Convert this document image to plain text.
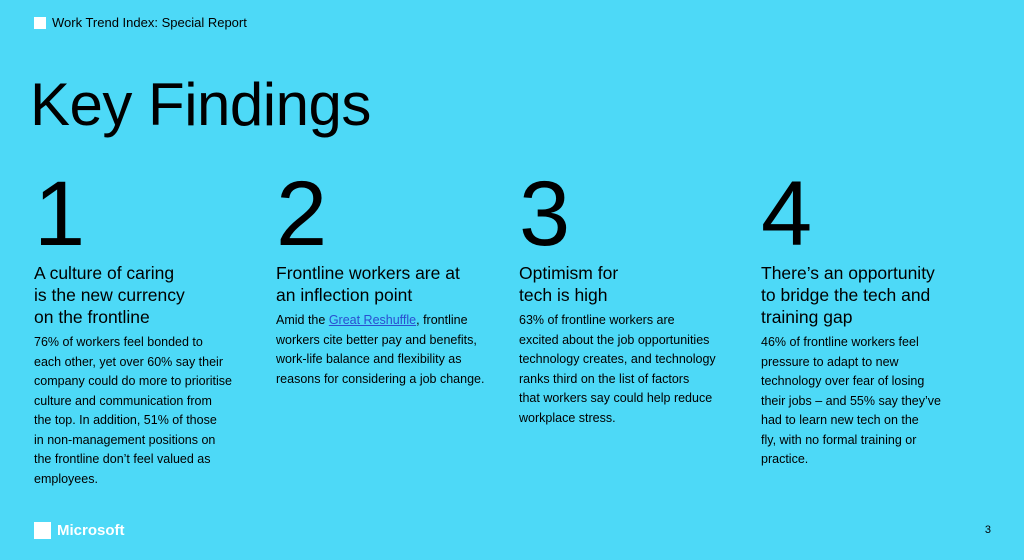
Work Trend Index: Special Report
Key Findings
1
A culture of caring
is the new currency
on the frontline
76% of workers feel bonded to
each other, yet over 60% say their
company could do more to prioritise
culture and communication from
the top. In addition, 51% of those
in non-management positions on
the frontline don’t feel valued as
employees.
2
Frontline workers are at
an inflection point
Amid the Great Reshuffle, frontline
workers cite better pay and benefits,
work-life balance and flexibility as
reasons for considering a job change.
3
Optimism for
tech is high
63% of frontline workers are
excited about the job opportunities
technology creates, and technology
ranks third on the list of factors
that workers say could help reduce
workplace stress.
4
There’s an opportunity
to bridge the tech and
training gap
46% of frontline workers feel
pressure to adapt to new
technology over fear of losing
their jobs – and 55% say they’ve
had to learn new tech on the
fly, with no formal training or
practice.
Microsoft	3
